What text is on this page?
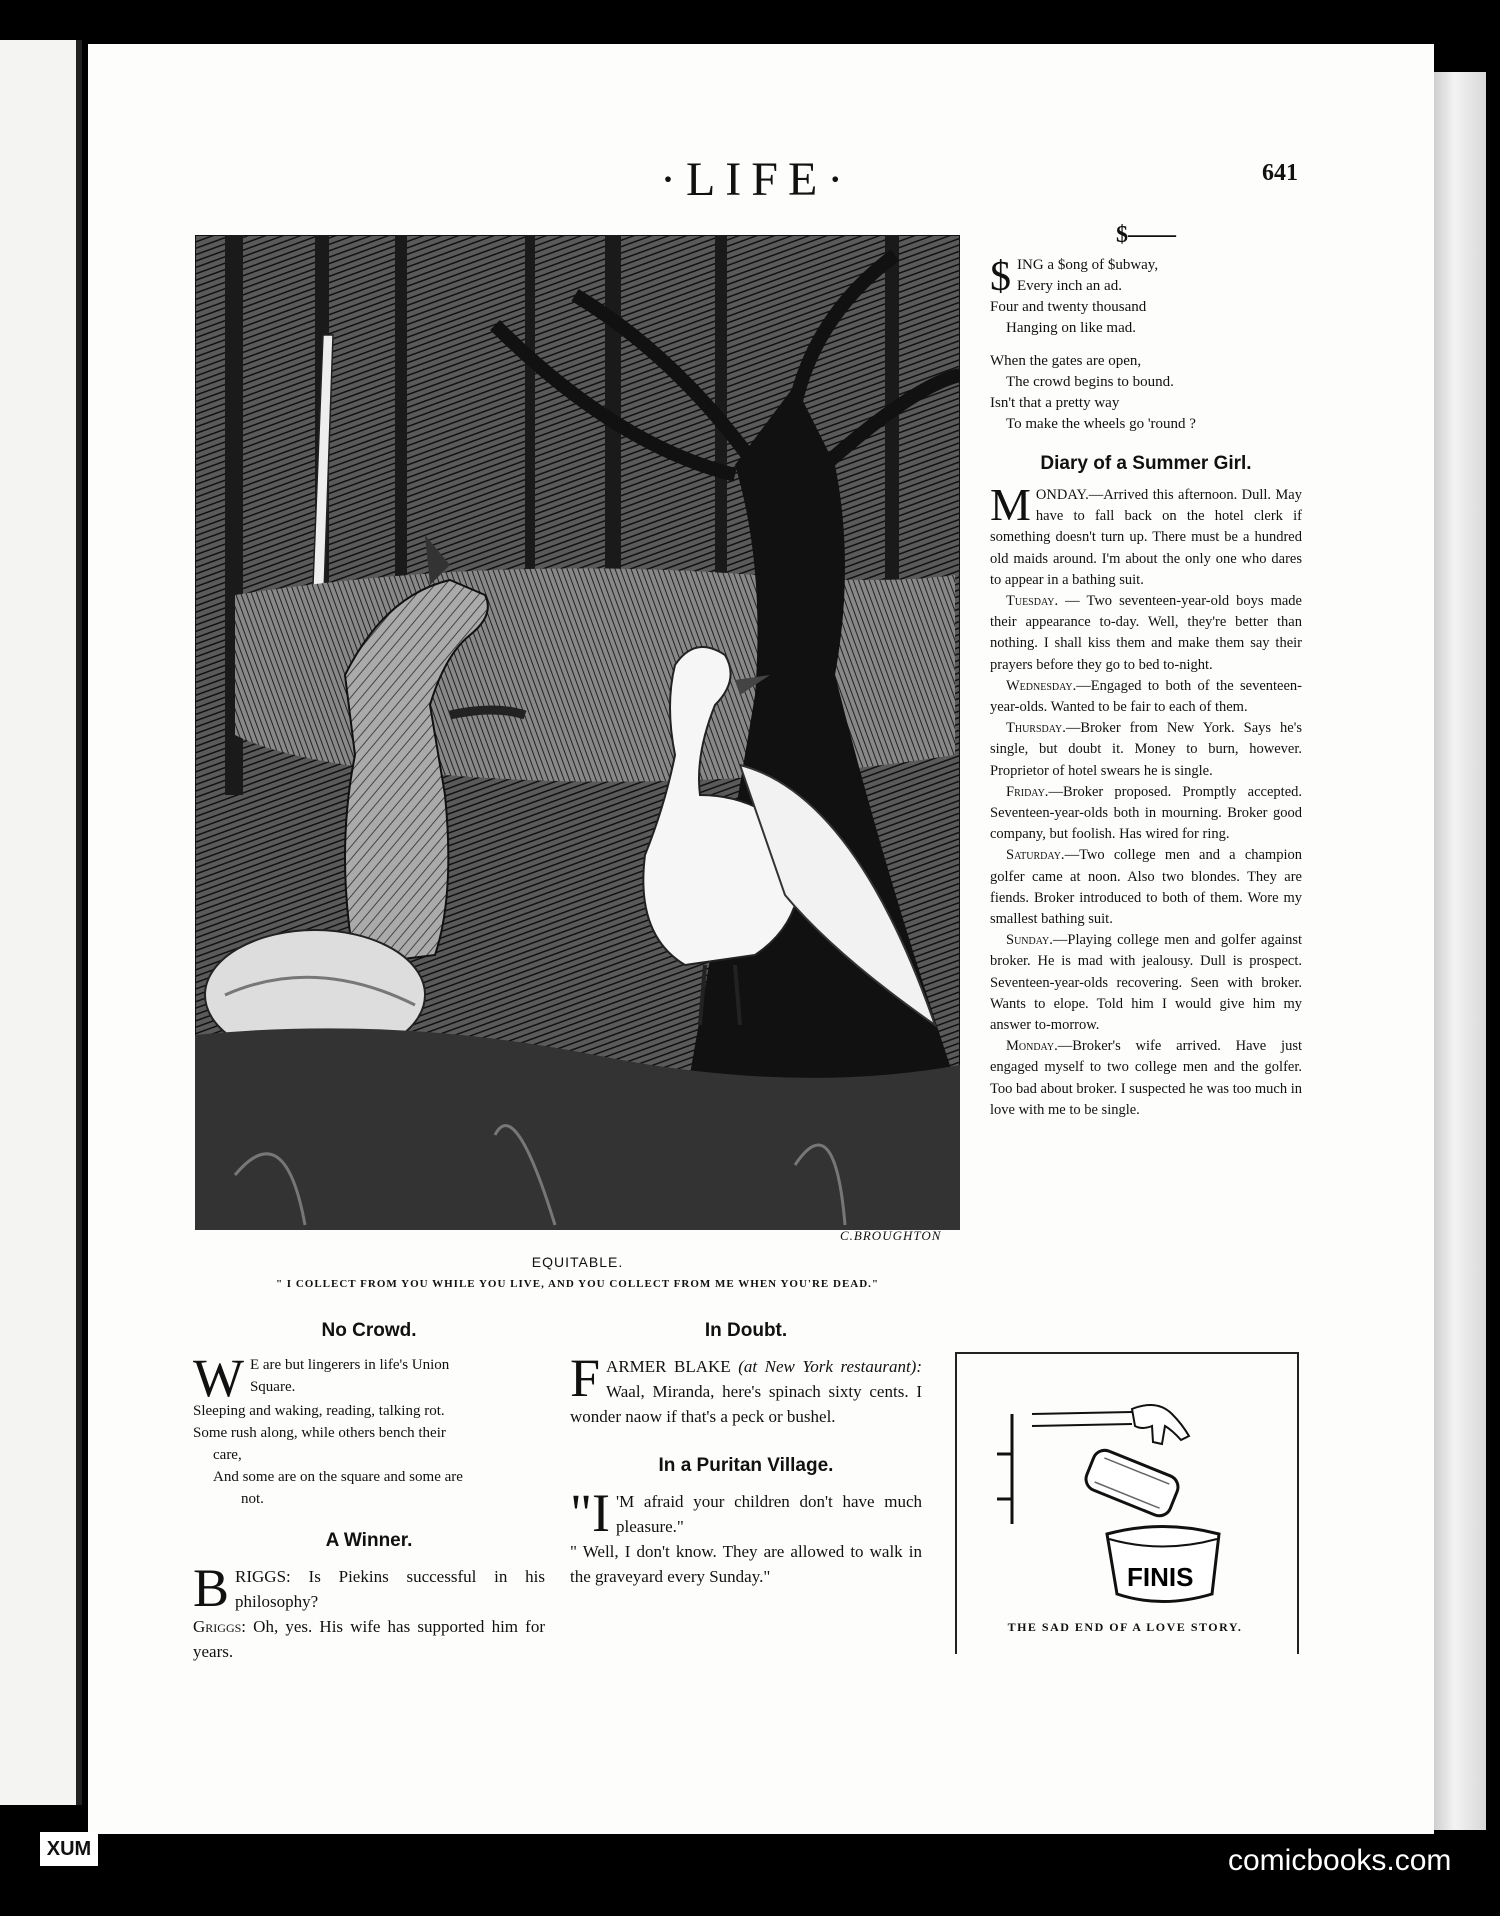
·LIFE·	641
C.BROUGHTON
EQUITABLE.
" I COLLECT FROM YOU WHILE YOU LIVE, AND YOU COLLECT FROM ME WHEN YOU'RE DEAD."
$——
$ ING a $ong of $ubway,
Every inch an ad.
Four and twenty thousand
Hanging on like mad.
When the gates are open,
The crowd begins to bound.
Isn't that a pretty way
To make the wheels go 'round ?
Diary of a Summer Girl.

MONDAY.—Arrived this afternoon. Dull. May have to fall back on the hotel clerk if something doesn't turn up. There must be a hundred old maids around. I'm about the only one who dares to appear in a bathing suit.

Tuesday. — Two seventeen-year-old boys made their appearance to-day. Well, they're better than nothing. I shall kiss them and make them say their prayers before they go to bed to-night.

Wednesday.—Engaged to both of the seventeen-year-olds. Wanted to be fair to each of them.

Thursday.—Broker from New York. Says he's single, but doubt it. Money to burn, however. Proprietor of hotel swears he is single.

Friday.—Broker proposed. Promptly accepted. Seventeen-year-olds both in mourning. Broker good company, but foolish. Has wired for ring.

Saturday.—Two college men and a champion golfer came at noon. Also two blondes. They are fiends. Broker introduced to both of them. Wore my smallest bathing suit.

Sunday.—Playing college men and golfer against broker. He is mad with jealousy. Dull is prospect. Seventeen-year-olds recovering. Seen with broker. Wants to elope. Told him I would give him my answer to-morrow.

Monday.—Broker's wife arrived. Have just engaged myself to two college men and the golfer. Too bad about broker. I suspected he was too much in love with me to be single.

No Crowd.
W E are but lingerers in life's Union
Square.
Sleeping and waking, reading, talking rot.
Some rush along, while others bench their
care,
And some are on the square and some are
not.
A Winner.

BRIGGS: Is Piekins successful in his philosophy?

Griggs: Oh, yes. His wife has supported him for years.

In Doubt.

FARMER BLAKE (at New York restaurant): Waal, Miranda, here's spinach sixty cents. I wonder naow if that's a peck or bushel.

In a Puritan Village.

"I 'M afraid your children don't have much pleasure."

" Well, I don't know. They are allowed to walk in the graveyard every Sunday."	FINIS
THE SAD END OF A LOVE STORY.
XUM	comicbooks.com
